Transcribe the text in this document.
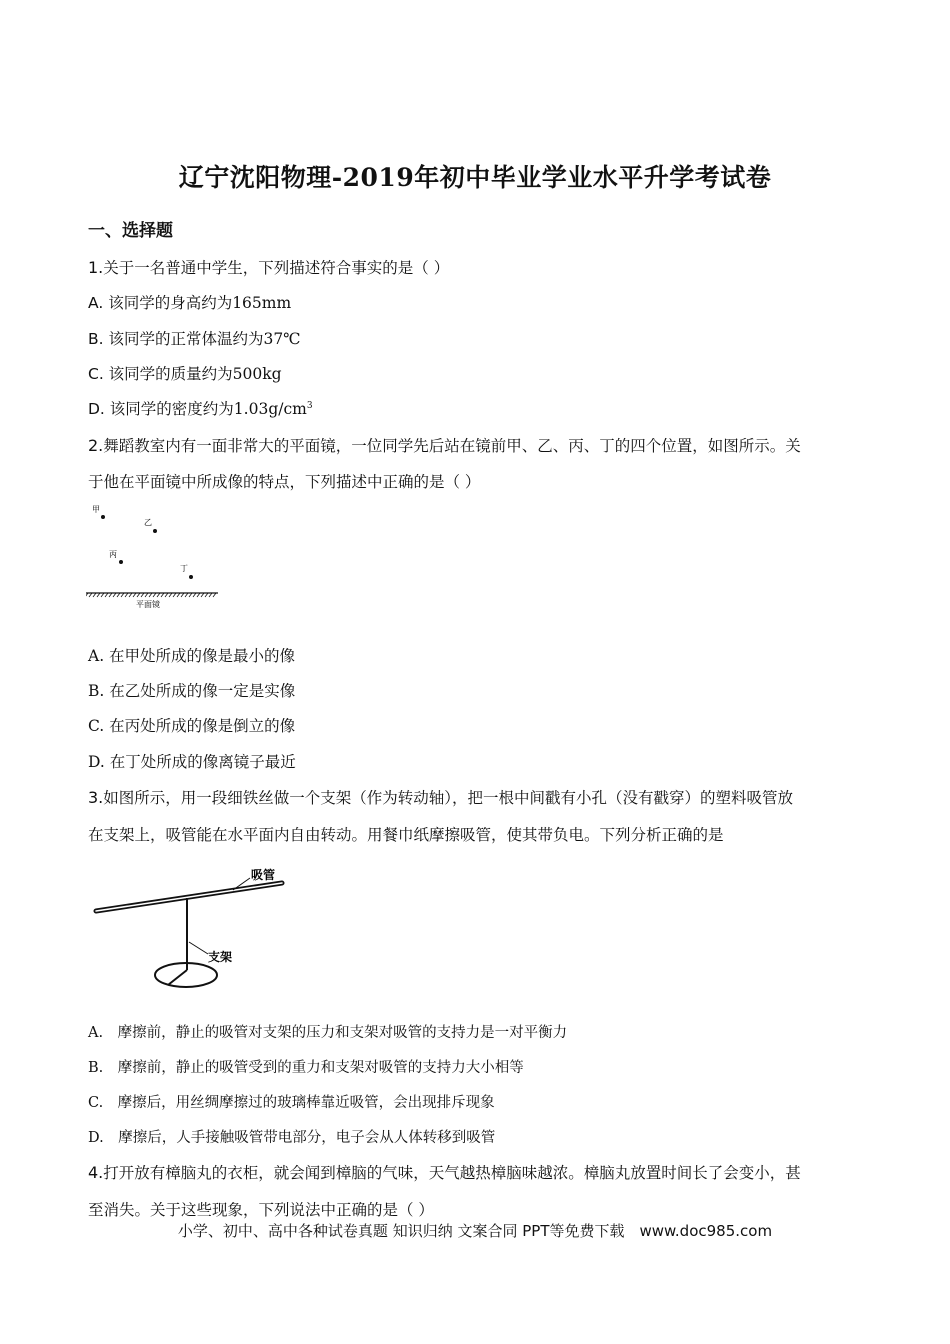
辽宁沈阳物理-2019年初中毕业学业水平升学考试卷
一、选择题
1.关于一名普通中学生，下列描述符合事实的是（ ）
A. 该同学的身高约为165mm
B. 该同学的正常体温约为37℃
C. 该同学的质量约为500kg
D. 该同学的密度约为$1.03g/cm^3$
2.舞蹈教室内有一面非常大的平面镜，一位同学先后站在镜前甲、乙、丙、丁的四个位置，如图所示。关
于他在平面镜中所成像的特点，下列描述中正确的是（ ）
甲
乙
丙
丁
平面镜
A. 在甲处所成的像是最小的像
B. 在乙处所成的像一定是实像
C. 在丙处所成的像是倒立的像
D. 在丁处所成的像离镜子最近
3.如图所示，用一段细铁丝做一个支架（作为转动轴），把一根中间戳有小孔（没有戳穿）的塑料吸管放
在支架上，吸管能在水平面内自由转动。用餐巾纸摩擦吸管，使其带负电。下列分析正确的是
吸管
支架
A.　摩擦前，静止的吸管对支架的压力和支架对吸管的支持力是一对平衡力
B.　摩擦前，静止的吸管受到的重力和支架对吸管的支持力大小相等
C.　摩擦后，用丝绸摩擦过的玻璃棒靠近吸管，会出现排斥现象
D.　摩擦后，人手接触吸管带电部分，电子会从人体转移到吸管
4.打开放有樟脑丸的衣柜，就会闻到樟脑的气味，天气越热樟脑味越浓。樟脑丸放置时间长了会变小，甚
至消失。关于这些现象，下列说法中正确的是（ ）
小学、初中、高中各种试卷真题 知识归纳 文案合同 PPT等免费下载　www.doc985.com
